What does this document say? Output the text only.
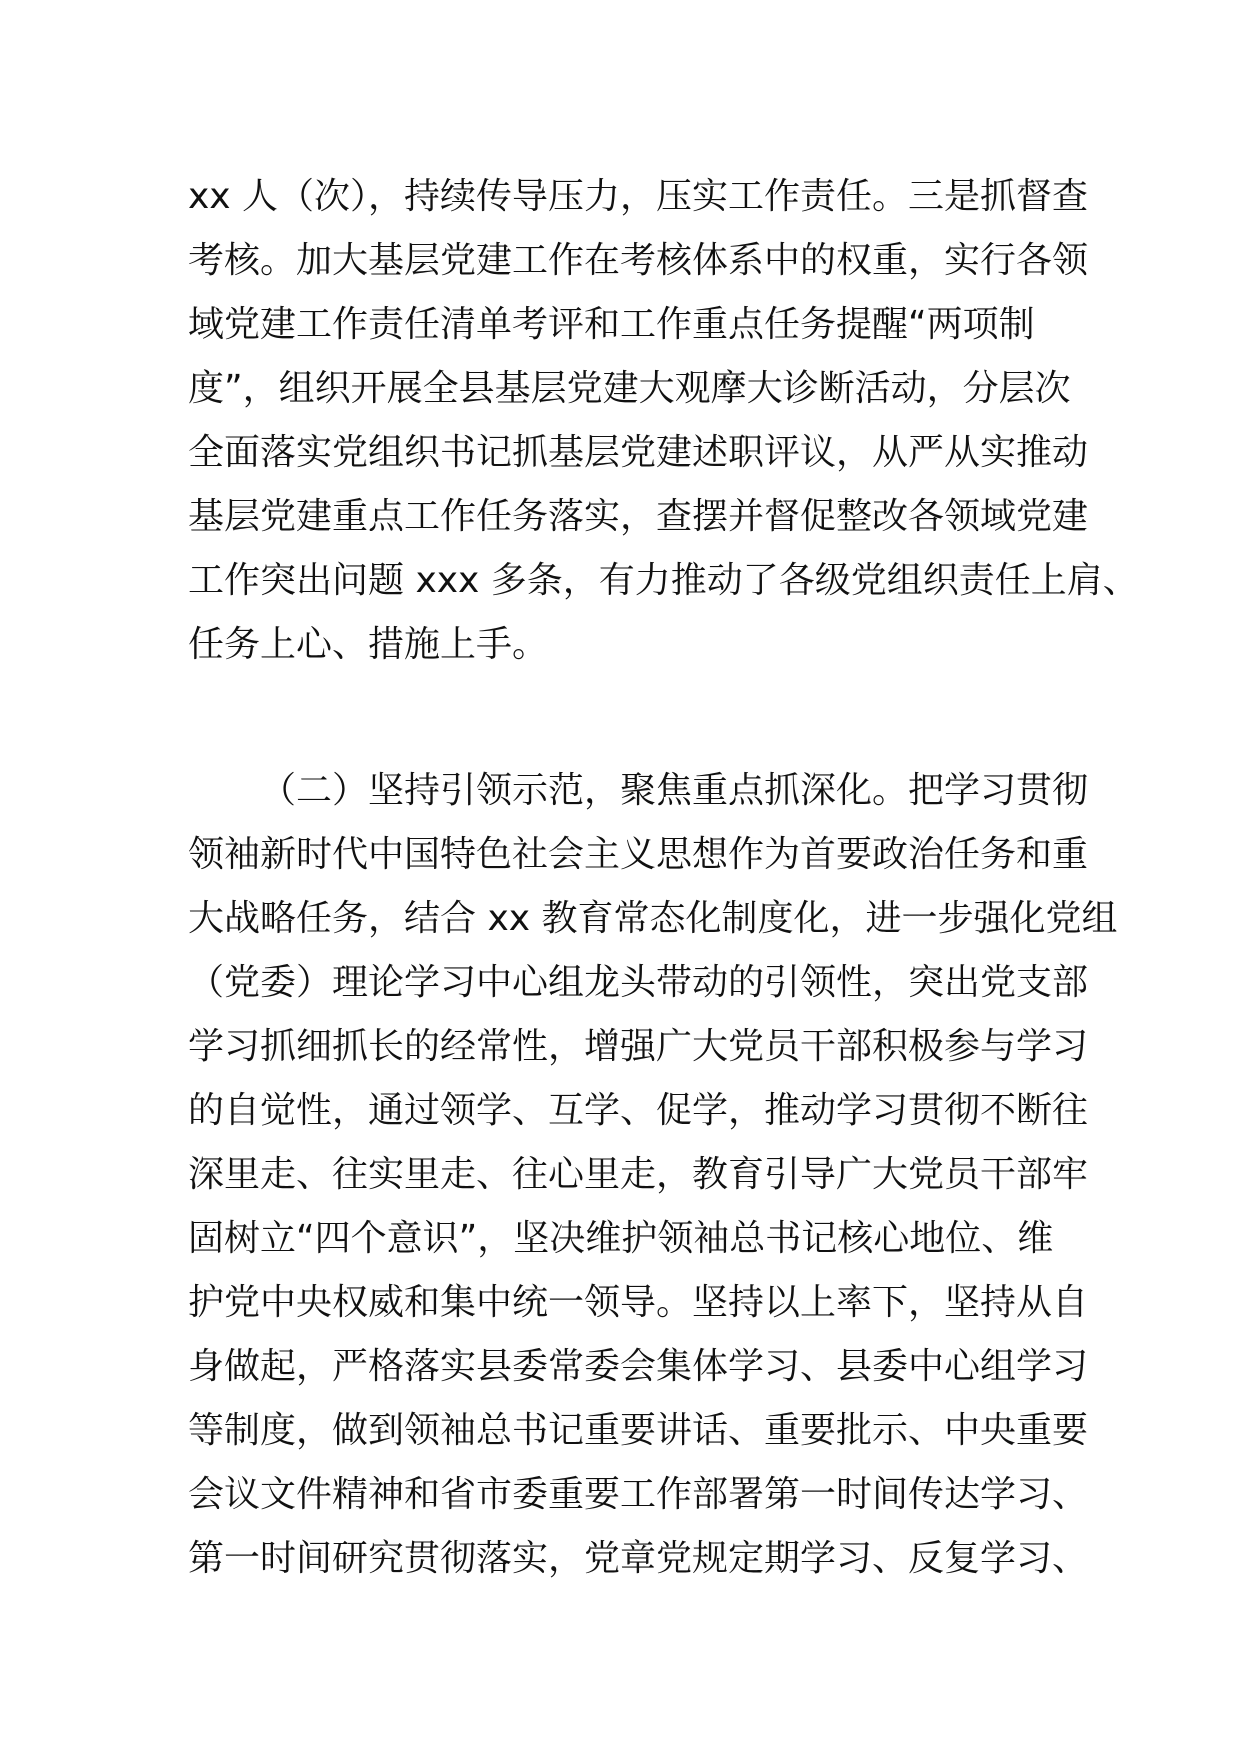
xx 人（次），持续传导压力，压实工作责任。三是抓督查
考核。加大基层党建工作在考核体系中的权重，实行各领
域党建工作责任清单考评和工作重点任务提醒“两项制
度”，组织开展全县基层党建大观摩大诊断活动，分层次
全面落实党组织书记抓基层党建述职评议，从严从实推动
基层党建重点工作任务落实，查摆并督促整改各领域党建
工作突出问题 xxx 多条，有力推动了各级党组织责任上肩、
任务上心、措施上手。
（二）坚持引领示范，聚焦重点抓深化。把学习贯彻
领袖新时代中国特色社会主义思想作为首要政治任务和重
大战略任务，结合 xx 教育常态化制度化，进一步强化党组
（党委）理论学习中心组龙头带动的引领性，突出党支部
学习抓细抓长的经常性，增强广大党员干部积极参与学习
的自觉性，通过领学、互学、促学，推动学习贯彻不断往
深里走、往实里走、往心里走，教育引导广大党员干部牢
固树立“四个意识”，坚决维护领袖总书记核心地位、维
护党中央权威和集中统一领导。坚持以上率下，坚持从自
身做起，严格落实县委常委会集体学习、县委中心组学习
等制度，做到领袖总书记重要讲话、重要批示、中央重要
会议文件精神和省市委重要工作部署第一时间传达学习、
第一时间研究贯彻落实，党章党规定期学习、反复学习、
